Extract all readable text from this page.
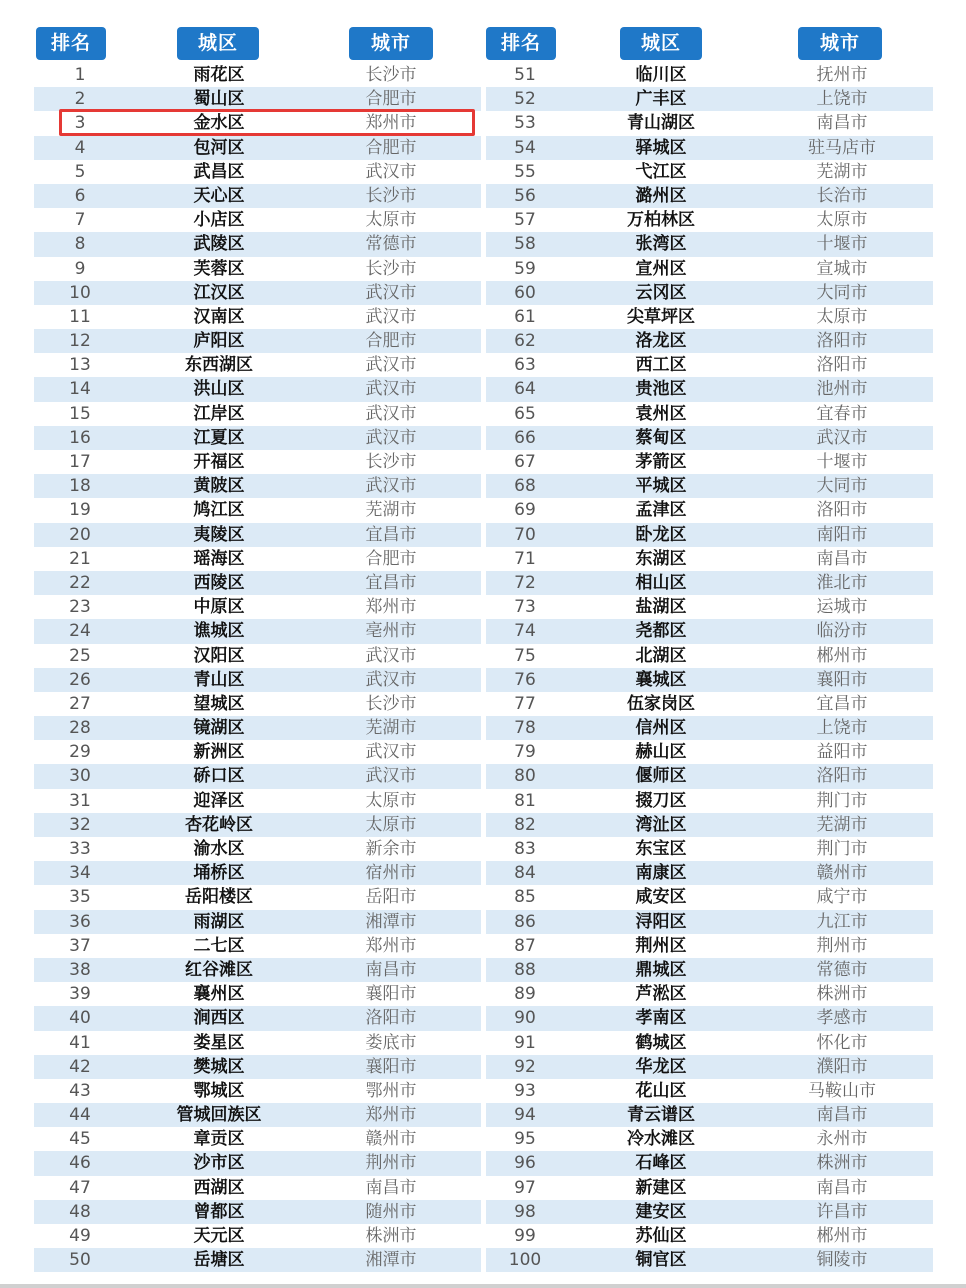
排名	城区	城市
1	雨花区	长沙市
2	蜀山区	合肥市
3	金水区	郑州市
4	包河区	合肥市
5	武昌区	武汉市
6	天心区	长沙市
7	小店区	太原市
8	武陵区	常德市
9	芙蓉区	长沙市
10	江汉区	武汉市
11	汉南区	武汉市
12	庐阳区	合肥市
13	东西湖区	武汉市
14	洪山区	武汉市
15	江岸区	武汉市
16	江夏区	武汉市
17	开福区	长沙市
18	黄陂区	武汉市
19	鸠江区	芜湖市
20	夷陵区	宜昌市
21	瑶海区	合肥市
22	西陵区	宜昌市
23	中原区	郑州市
24	谯城区	亳州市
25	汉阳区	武汉市
26	青山区	武汉市
27	望城区	长沙市
28	镜湖区	芜湖市
29	新洲区	武汉市
30	硚口区	武汉市
31	迎泽区	太原市
32	杏花岭区	太原市
33	渝水区	新余市
34	埇桥区	宿州市
35	岳阳楼区	岳阳市
36	雨湖区	湘潭市
37	二七区	郑州市
38	红谷滩区	南昌市
39	襄州区	襄阳市
40	涧西区	洛阳市
41	娄星区	娄底市
42	樊城区	襄阳市
43	鄂城区	鄂州市
44	管城回族区	郑州市
45	章贡区	赣州市
46	沙市区	荆州市
47	西湖区	南昌市
48	曾都区	随州市
49	天元区	株洲市
50	岳塘区	湘潭市
排名	城区	城市
51	临川区	抚州市
52	广丰区	上饶市
53	青山湖区	南昌市
54	驿城区	驻马店市
55	弋江区	芜湖市
56	潞州区	长治市
57	万柏林区	太原市
58	张湾区	十堰市
59	宣州区	宣城市
60	云冈区	大同市
61	尖草坪区	太原市
62	洛龙区	洛阳市
63	西工区	洛阳市
64	贵池区	池州市
65	袁州区	宜春市
66	蔡甸区	武汉市
67	茅箭区	十堰市
68	平城区	大同市
69	孟津区	洛阳市
70	卧龙区	南阳市
71	东湖区	南昌市
72	相山区	淮北市
73	盐湖区	运城市
74	尧都区	临汾市
75	北湖区	郴州市
76	襄城区	襄阳市
77	伍家岗区	宜昌市
78	信州区	上饶市
79	赫山区	益阳市
80	偃师区	洛阳市
81	掇刀区	荆门市
82	湾沚区	芜湖市
83	东宝区	荆门市
84	南康区	赣州市
85	咸安区	咸宁市
86	浔阳区	九江市
87	荆州区	荆州市
88	鼎城区	常德市
89	芦淞区	株洲市
90	孝南区	孝感市
91	鹤城区	怀化市
92	华龙区	濮阳市
93	花山区	马鞍山市
94	青云谱区	南昌市
95	冷水滩区	永州市
96	石峰区	株洲市
97	新建区	南昌市
98	建安区	许昌市
99	苏仙区	郴州市
100	铜官区	铜陵市
